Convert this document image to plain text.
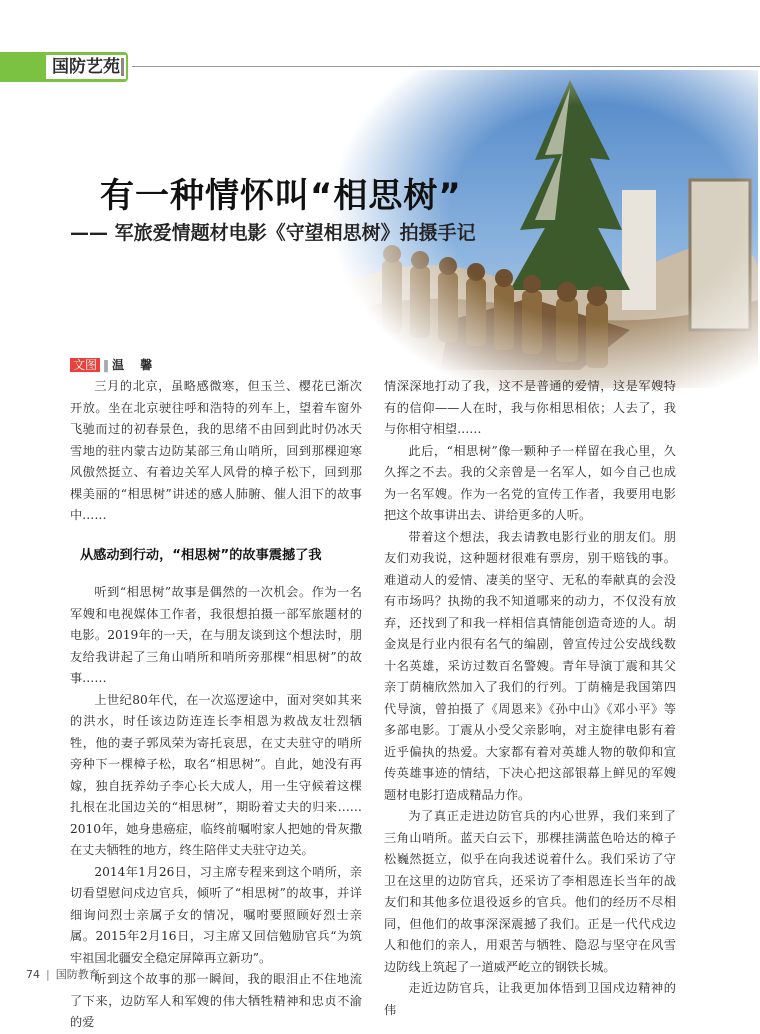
国防艺苑
有一种情怀叫“相思树”
—— 军旅爱情题材电影《守望相思树》拍摄手记
文图 ‖ 温 馨

三月的北京，虽略感微寒，但玉兰、樱花已渐次开放。坐在北京驶往呼和浩特的列车上，望着车窗外飞驰而过的初春景色，我的思绪不由回到此时仍冰天雪地的驻内蒙古边防某部三角山哨所，回到那棵迎寒风傲然挺立、有着边关军人风骨的樟子松下，回到那棵美丽的“相思树”讲述的感人肺腑、催人泪下的故事中……

从感动到行动，“相思树”的故事震撼了我

听到“相思树”故事是偶然的一次机会。作为一名军嫂和电视媒体工作者，我很想拍摄一部军旅题材的电影。2019年的一天，在与朋友谈到这个想法时，朋友给我讲起了三角山哨所和哨所旁那棵“相思树”的故事……

上世纪80年代，在一次巡逻途中，面对突如其来的洪水，时任该边防连连长李相恩为救战友壮烈牺牲，他的妻子郭凤荣为寄托哀思，在丈夫驻守的哨所旁种下一棵樟子松，取名“相思树”。自此，她没有再嫁，独自抚养幼子李心长大成人，用一生守候着这棵扎根在北国边关的“相思树”，期盼着丈夫的归来……2010年，她身患癌症，临终前嘱咐家人把她的骨灰撒在丈夫牺牲的地方，终生陪伴丈夫驻守边关。

2014年1月26日，习主席专程来到这个哨所，亲切看望慰问戍边官兵，倾听了“相思树”的故事，并详细询问烈士亲属子女的情况，嘱咐要照顾好烈士亲属。2015年2月16日，习主席又回信勉励官兵“为筑牢祖国北疆安全稳定屏障再立新功”。

听到这个故事的那一瞬间，我的眼泪止不住地流了下来，边防军人和军嫂的伟大牺牲精神和忠贞不渝的爱

情深深地打动了我，这不是普通的爱情，这是军嫂特有的信仰——人在时，我与你相思相依；人去了，我与你相守相望……

此后，“相思树”像一颗种子一样留在我心里，久久挥之不去。我的父亲曾是一名军人，如今自己也成为一名军嫂。作为一名党的宣传工作者，我要用电影把这个故事讲出去、讲给更多的人听。

带着这个想法，我去请教电影行业的朋友们。朋友们劝我说，这种题材很难有票房，别干赔钱的事。难道动人的爱情、凄美的坚守、无私的奉献真的会没有市场吗？执拗的我不知道哪来的动力，不仅没有放弃，还找到了和我一样相信真情能创造奇迹的人。胡金岚是行业内很有名气的编剧，曾宣传过公安战线数十名英雄，采访过数百名警嫂。青年导演丁震和其父亲丁荫楠欣然加入了我们的行列。丁荫楠是我国第四代导演，曾拍摄了《周恩来》《孙中山》《邓小平》等多部电影。丁震从小受父亲影响，对主旋律电影有着近乎偏执的热爱。大家都有着对英雄人物的敬仰和宣传英雄事迹的情结，下决心把这部银幕上鲜见的军嫂题材电影打造成精品力作。

为了真正走进边防官兵的内心世界，我们来到了三角山哨所。蓝天白云下，那棵挂满蓝色哈达的樟子松巍然挺立，似乎在向我述说着什么。我们采访了守卫在这里的边防官兵，还采访了李相恩连长当年的战友们和其他多位退役返乡的官兵。他们的经历不尽相同，但他们的故事深深震撼了我们。正是一代代戍边人和他们的亲人，用艰苦与牺牲、隐忍与坚守在风雪边防线上筑起了一道威严屹立的钢铁长城。

走近边防官兵，让我更加体悟到卫国戍边精神的伟

74 | 国防教育
